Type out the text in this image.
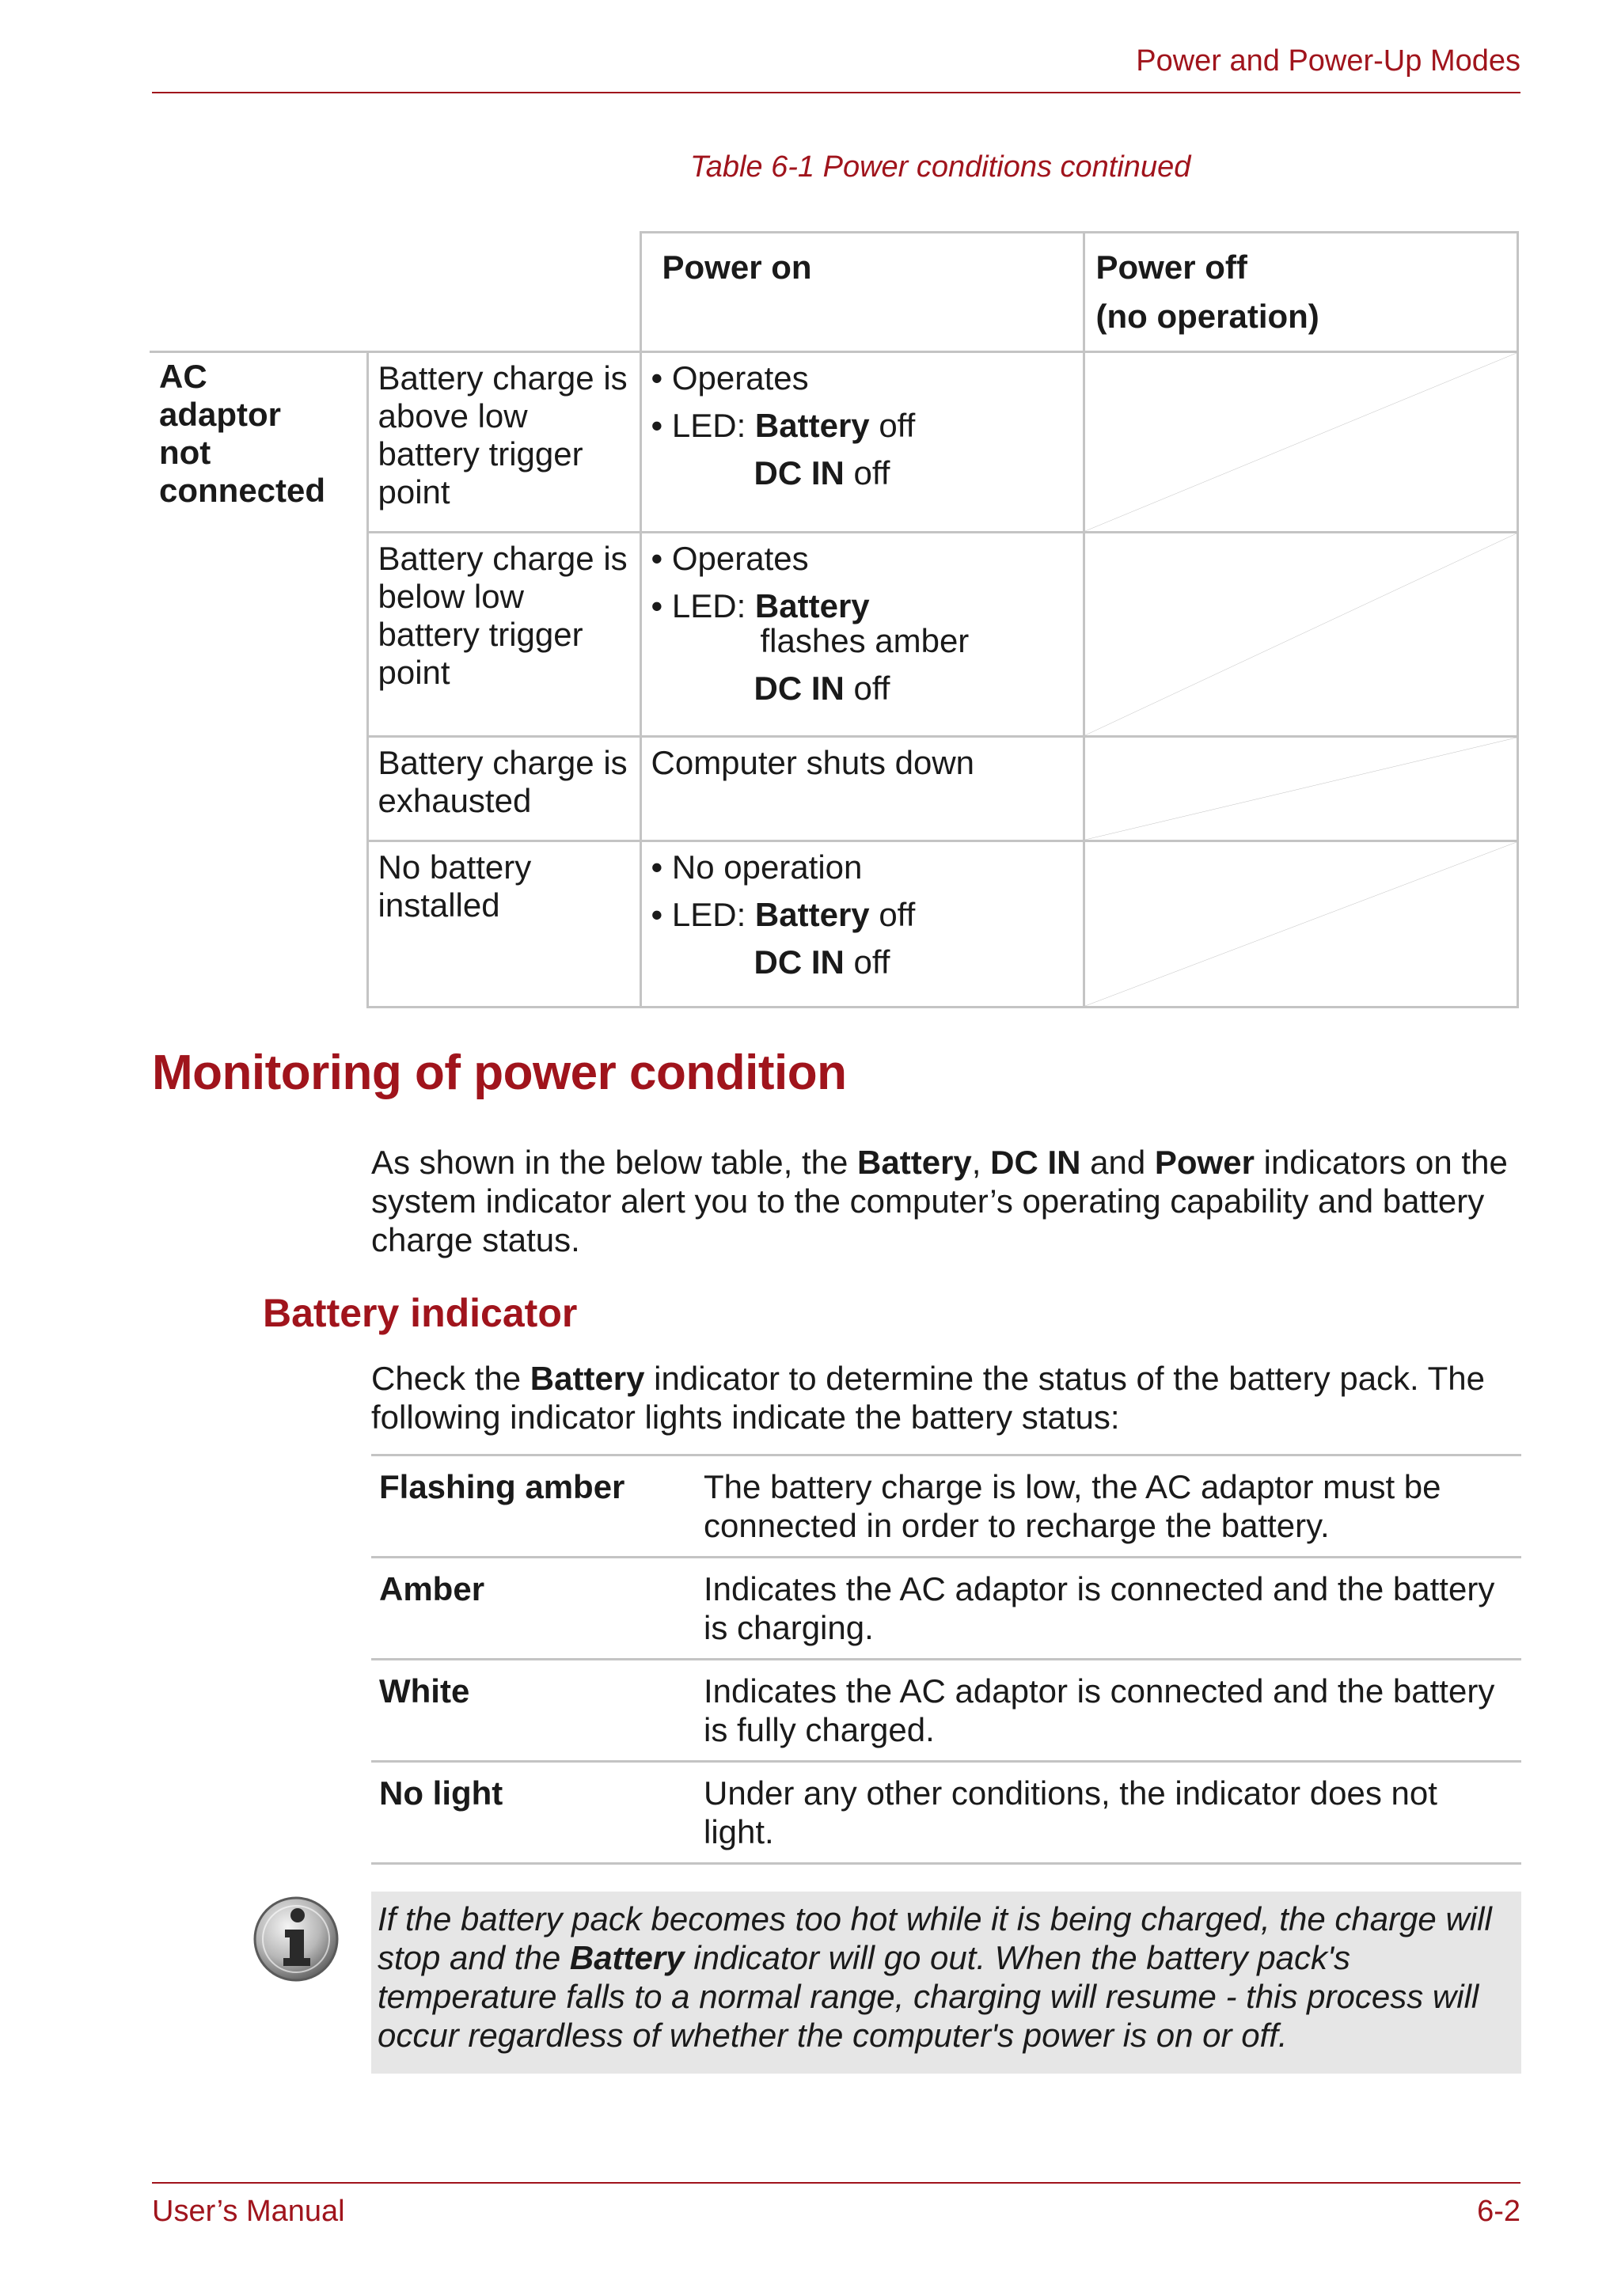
Power and Power-Up Modes
Table 6-1 Power conditions continued
		Power on	Power off
(no operation)
AC
adaptor
not
connected	Battery charge is above low battery trigger point	• Operates
• LED: Battery off
DC IN off

	Battery charge is below low battery trigger point	• Operates
• LED: Battery
flashes amber
DC IN off

	Battery charge is exhausted	Computer shuts down	

	No battery installed	• No operation
• LED: Battery off
DC IN off

Monitoring of power condition
As shown in the below table, the Battery, DC IN and Power indicators on the system indicator alert you to the computer’s operating capability and battery charge status.
Battery indicator
Check the Battery indicator to determine the status of the battery pack. The following indicator lights indicate the battery status:
Flashing amber	The battery charge is low, the AC adaptor must be connected in order to recharge the battery.
Amber	Indicates the AC adaptor is connected and the battery is charging.
White	Indicates the AC adaptor is connected and the battery is fully charged.
No light	Under any other conditions, the indicator does not light.

If the battery pack becomes too hot while it is being charged, the charge will stop and the Battery indicator will go out. When the battery pack's temperature falls to a normal range, charging will resume - this process will occur regardless of whether the computer's power is on or off.

User’s Manual	6-2
